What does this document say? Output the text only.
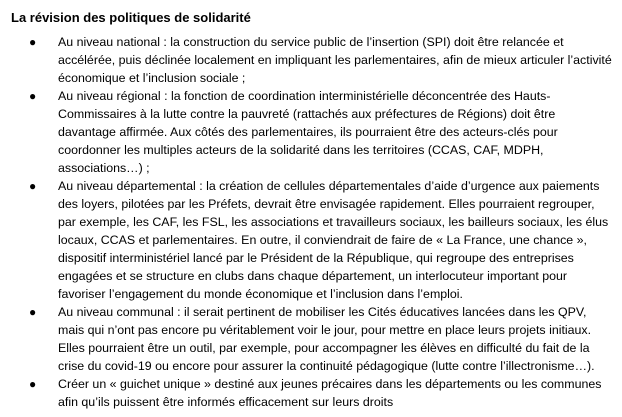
La révision des politiques de solidarité
● Au niveau national : la construction du service public de l’insertion (SPI) doit être relancée et accélérée, puis déclinée localement en impliquant les parlementaires, afin de mieux articuler l’activité économique et l’inclusion sociale ;
● Au niveau régional : la fonction de coordination interministérielle déconcentrée des Hauts-Commissaires à la lutte contre la pauvreté (rattachés aux préfectures de Régions) doit être davantage affirmée. Aux côtés des parlementaires, ils pourraient être des acteurs-clés pour coordonner les multiples acteurs de la solidarité dans les territoires (CCAS, CAF, MDPH, associations…) ;
● Au niveau départemental : la création de cellules départementales d’aide d’urgence aux paiements des loyers, pilotées par les Préfets, devrait être envisagée rapidement. Elles pourraient regrouper, par exemple, les CAF, les FSL, les associations et travailleurs sociaux, les bailleurs sociaux, les élus locaux, CCAS et parlementaires. En outre, il conviendrait de faire de « La France, une chance », dispositif interministériel lancé par le Président de la République, qui regroupe des entreprises engagées et se structure en clubs dans chaque département, un interlocuteur important pour favoriser l’engagement du monde économique et l’inclusion dans l’emploi.
● Au niveau communal : il serait pertinent de mobiliser les Cités éducatives lancées dans les QPV, mais qui n’ont pas encore pu véritablement voir le jour, pour mettre en place leurs projets initiaux. Elles pourraient être un outil, par exemple, pour accompagner les élèves en difficulté du fait de la crise du covid-19 ou encore pour assurer la continuité pédagogique (lutte contre l’illectronisme…).
● Créer un « guichet unique » destiné aux jeunes précaires dans les départements ou les communes afin qu’ils puissent être informés efficacement sur leurs droits
